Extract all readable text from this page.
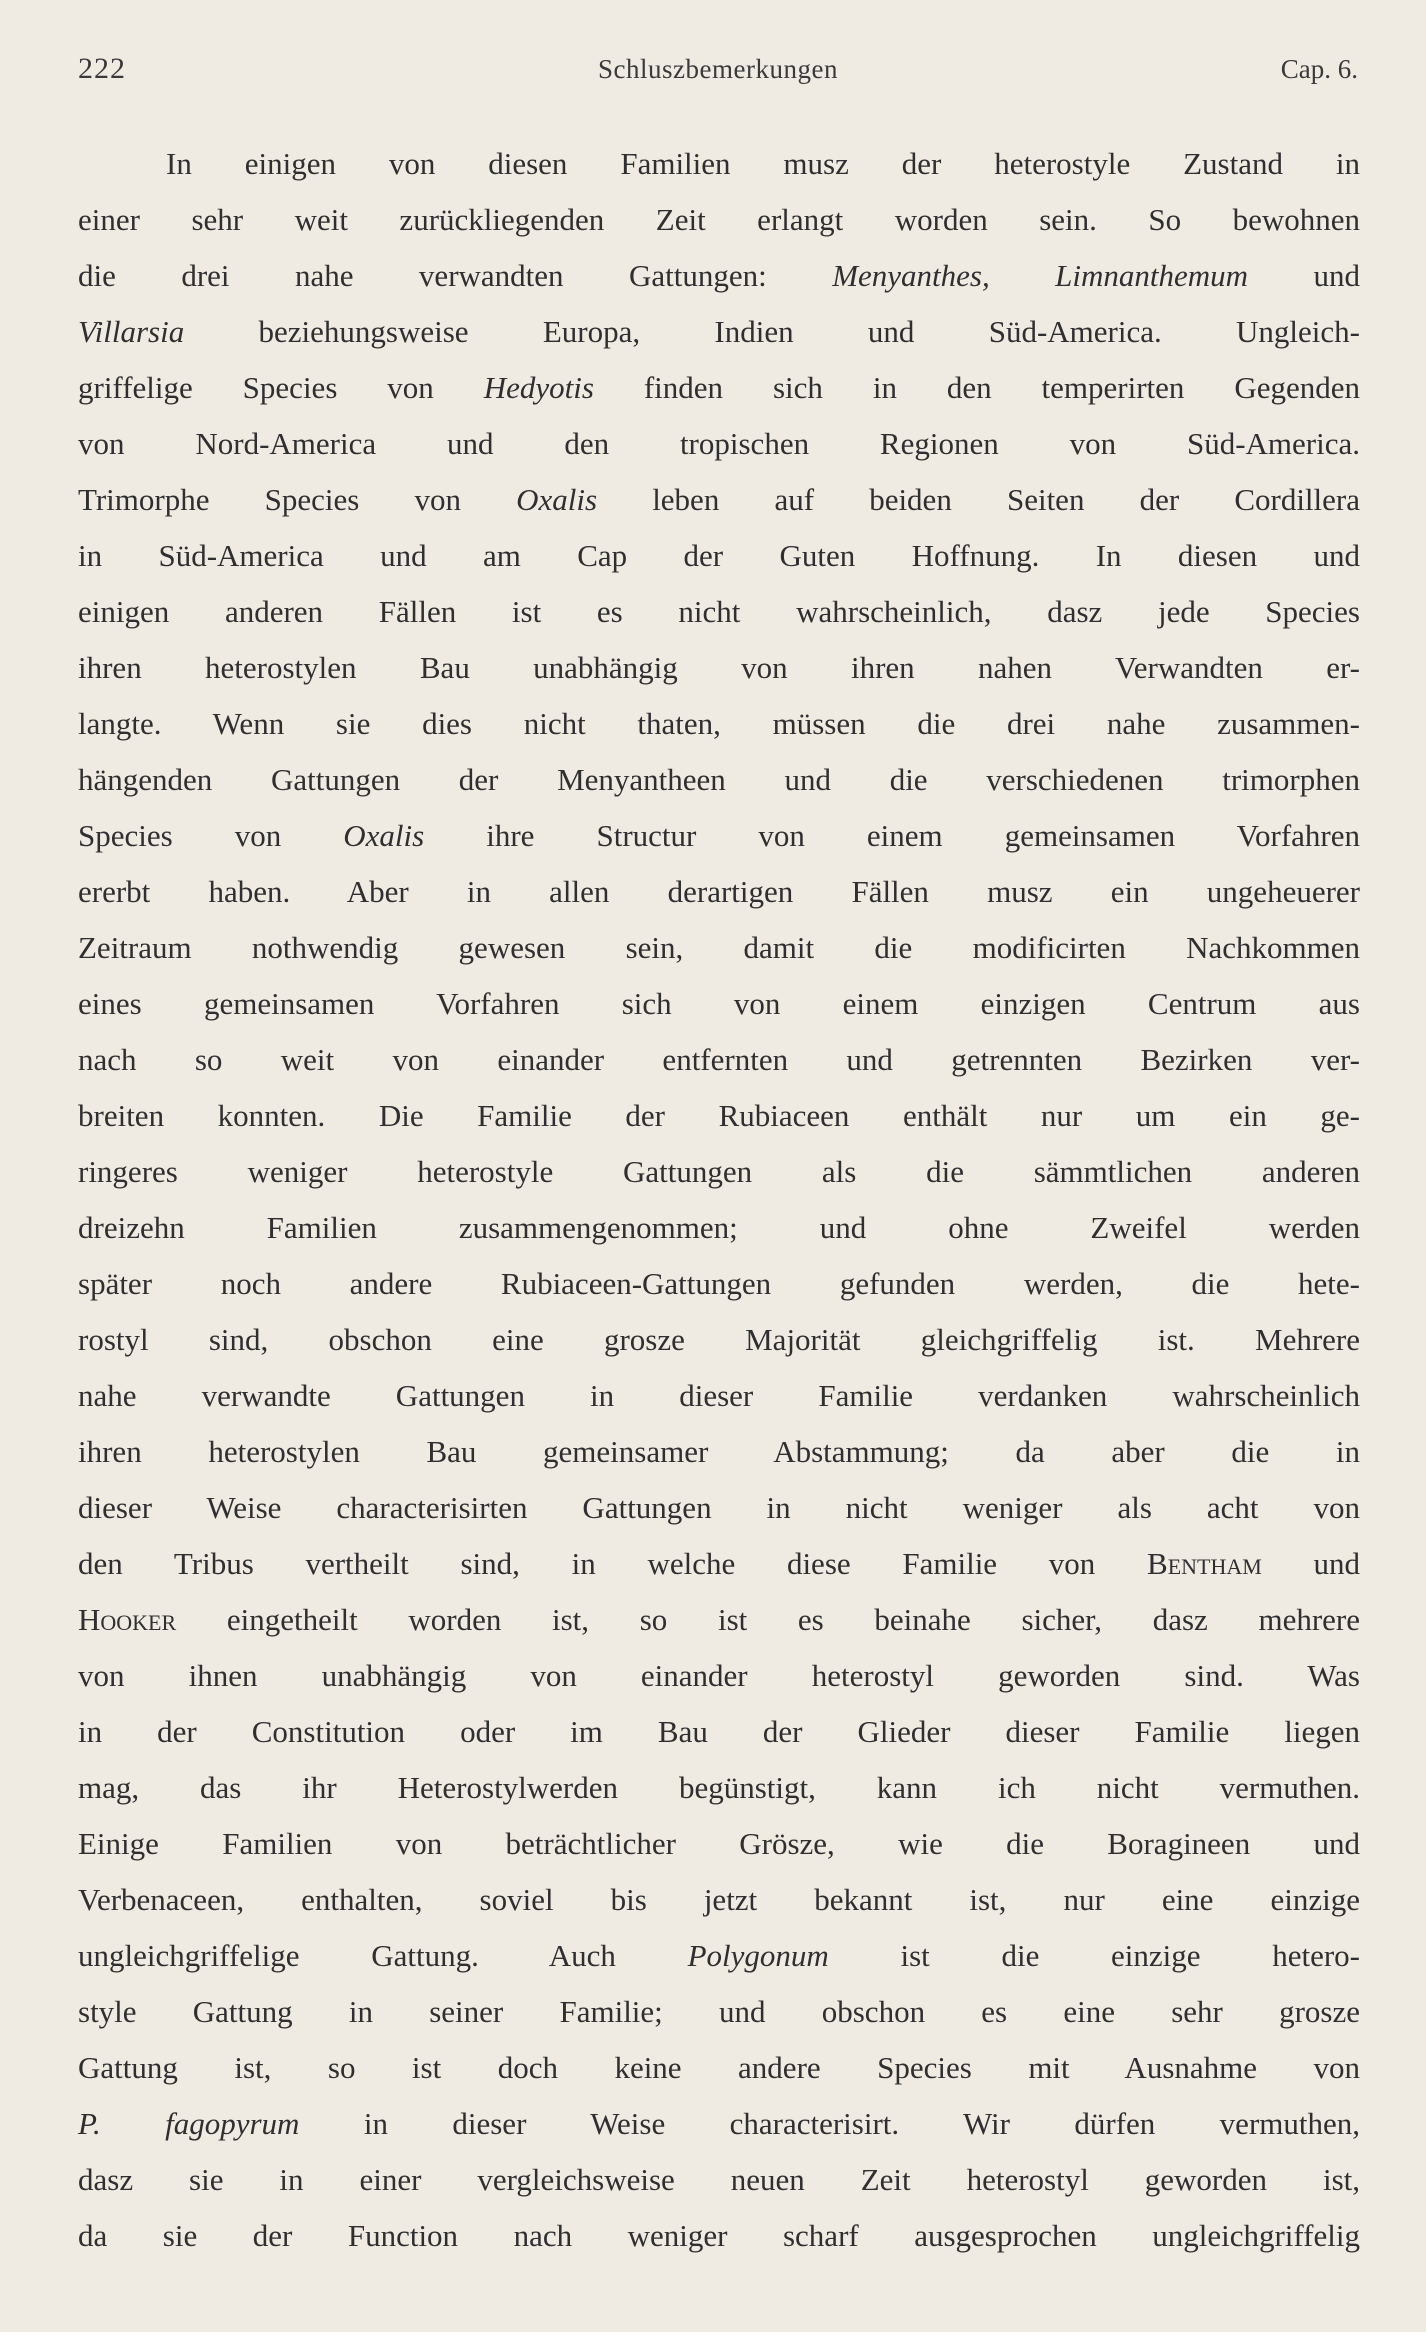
222	Schluszbemerkungen	Cap. 6.
In einigen von diesen Familien musz der heterostyle Zustand in
einer sehr weit zurückliegenden Zeit erlangt worden sein. So bewohnen
die drei nahe verwandten Gattungen: Menyanthes, Limnanthemum und
Villarsia beziehungsweise Europa, Indien und Süd-America. Ungleich-
griffelige Species von Hedyotis finden sich in den temperirten Gegenden
von Nord-America und den tropischen Regionen von Süd-America.
Trimorphe Species von Oxalis leben auf beiden Seiten der Cordillera
in Süd-America und am Cap der Guten Hoffnung. In diesen und
einigen anderen Fällen ist es nicht wahrscheinlich, dasz jede Species
ihren heterostylen Bau unabhängig von ihren nahen Verwandten er-
langte. Wenn sie dies nicht thaten, müssen die drei nahe zusammen-
hängenden Gattungen der Menyantheen und die verschiedenen trimorphen
Species von Oxalis ihre Structur von einem gemeinsamen Vorfahren
ererbt haben. Aber in allen derartigen Fällen musz ein ungeheuerer
Zeitraum nothwendig gewesen sein, damit die modificirten Nachkommen
eines gemeinsamen Vorfahren sich von einem einzigen Centrum aus
nach so weit von einander entfernten und getrennten Bezirken ver-
breiten konnten. Die Familie der Rubiaceen enthält nur um ein ge-
ringeres weniger heterostyle Gattungen als die sämmtlichen anderen
dreizehn Familien zusammengenommen; und ohne Zweifel werden
später noch andere Rubiaceen-Gattungen gefunden werden, die hete-
rostyl sind, obschon eine grosze Majorität gleichgriffelig ist. Mehrere
nahe verwandte Gattungen in dieser Familie verdanken wahrscheinlich
ihren heterostylen Bau gemeinsamer Abstammung; da aber die in
dieser Weise characterisirten Gattungen in nicht weniger als acht von
den Tribus vertheilt sind, in welche diese Familie von Bentham und
Hooker eingetheilt worden ist, so ist es beinahe sicher, dasz mehrere
von ihnen unabhängig von einander heterostyl geworden sind. Was
in der Constitution oder im Bau der Glieder dieser Familie liegen
mag, das ihr Heterostylwerden begünstigt, kann ich nicht vermuthen.
Einige Familien von beträchtlicher Grösze, wie die Boragineen und
Verbenaceen, enthalten, soviel bis jetzt bekannt ist, nur eine einzige
ungleichgriffelige Gattung. Auch Polygonum ist die einzige hetero-
style Gattung in seiner Familie; und obschon es eine sehr grosze
Gattung ist, so ist doch keine andere Species mit Ausnahme von
P. fagopyrum in dieser Weise characterisirt. Wir dürfen vermuthen,
dasz sie in einer vergleichsweise neuen Zeit heterostyl geworden ist,
da sie der Function nach weniger scharf ausgesprochen ungleichgriffelig
